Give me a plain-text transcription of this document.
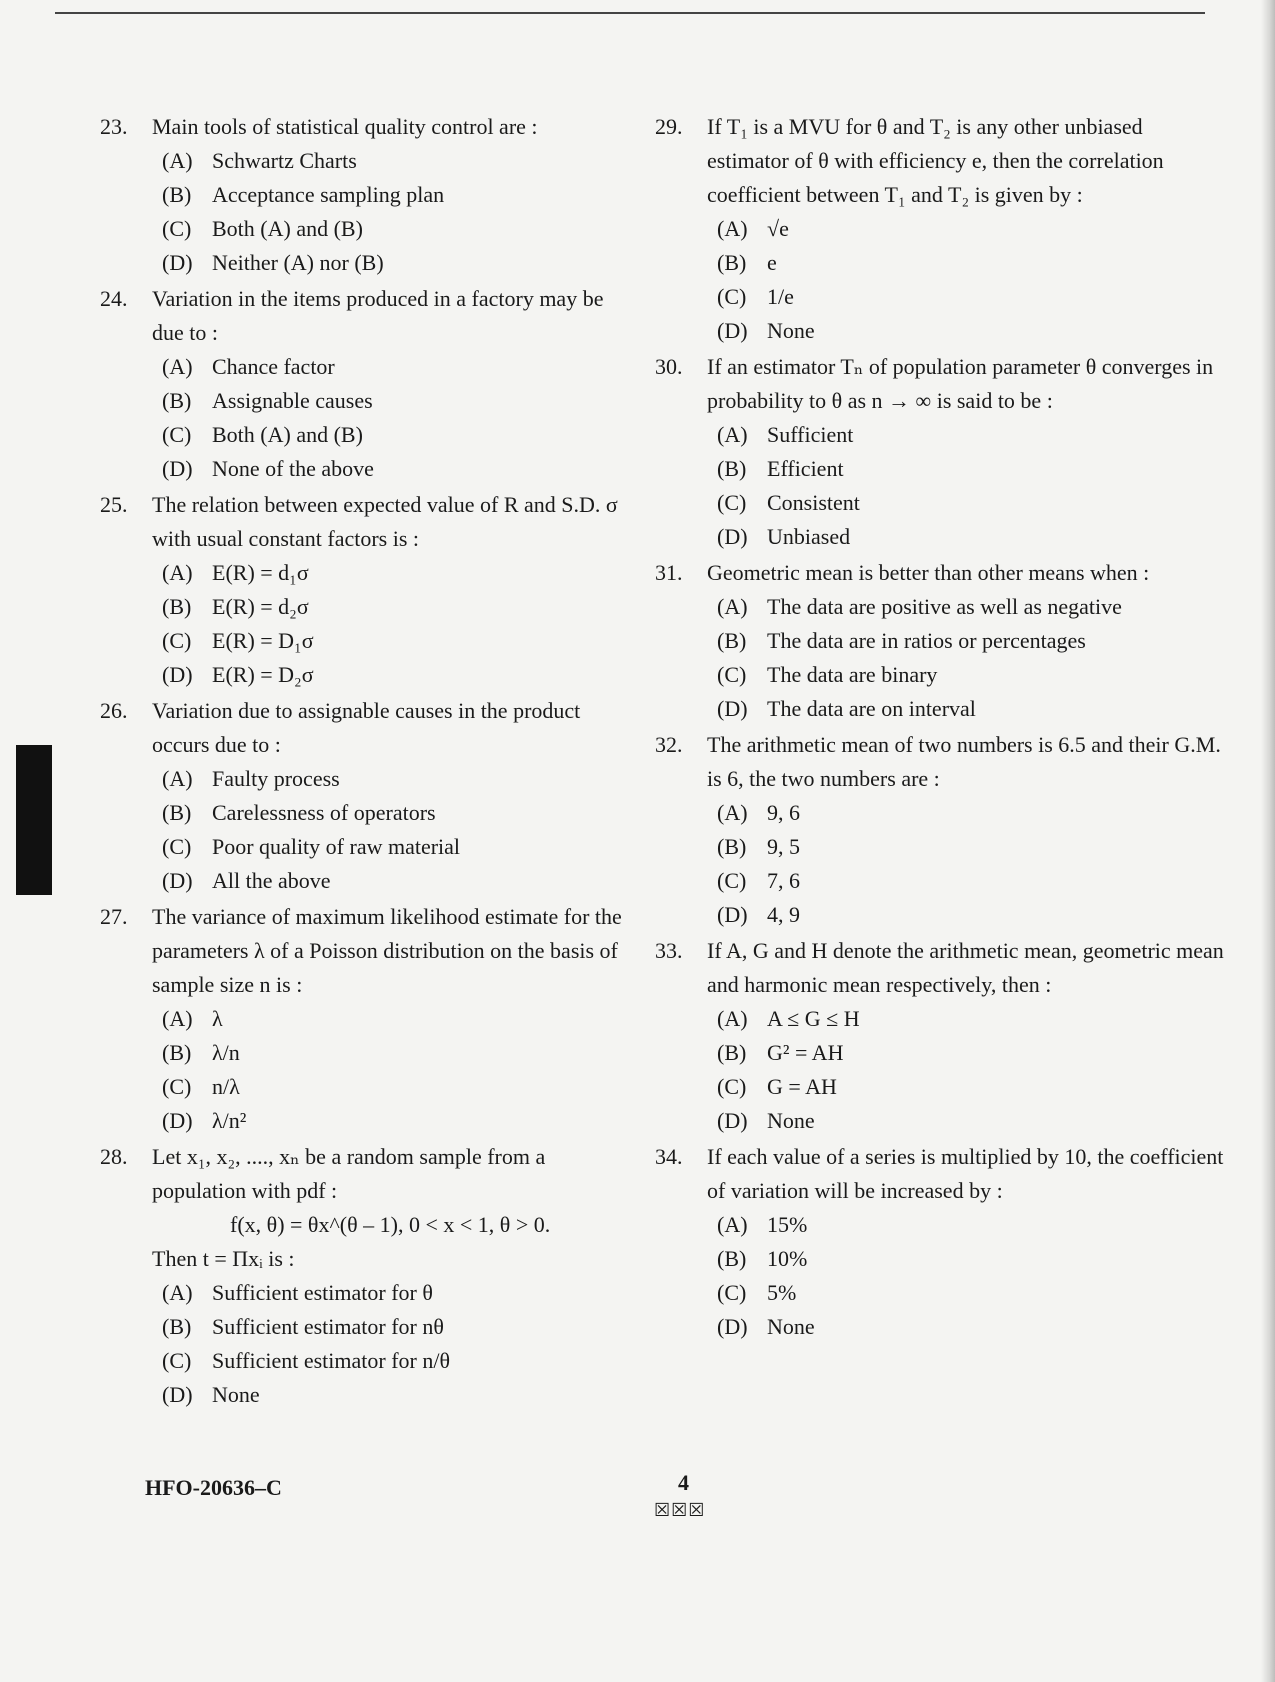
23.	Main tools of statistical quality control are :
(A) Schwartz Charts
(B) Acceptance sampling plan
(C) Both (A) and (B)
(D) Neither (A) nor (B)
24.	Variation in the items produced in a factory may be due to :
(A) Chance factor
(B) Assignable causes
(C) Both (A) and (B)
(D) None of the above
25.	The relation between expected value of R and S.D. σ with usual constant factors is :
(A) E(R) = d₁σ
(B) E(R) = d₂σ
(C) E(R) = D₁σ
(D) E(R) = D₂σ
26.	Variation due to assignable causes in the product occurs due to :
(A) Faulty process
(B) Carelessness of operators
(C) Poor quality of raw material
(D) All the above
27.	The variance of maximum likelihood estimate for the parameters λ of a Poisson distribution on the basis of sample size n is :
(A) λ
(B) λ/n
(C) n/λ
(D) λ/n²
28.	Let x₁, x₂, ...., xₙ be a random sample from a population with pdf :
f(x, θ) = θx^(θ – 1), 0 < x < 1, θ > 0.
Then t = Πxᵢ is :
(A) Sufficient estimator for θ
(B) Sufficient estimator for nθ
(C) Sufficient estimator for n/θ
(D) None
29.	If T₁ is a MVU for θ and T₂ is any other unbiased estimator of θ with efficiency e, then the correlation coefficient between T₁ and T₂ is given by :
(A) √e
(B) e
(C) 1/e
(D) None
30.	If an estimator Tₙ of population parameter θ converges in probability to θ as n → ∞ is said to be :
(A) Sufficient
(B) Efficient
(C) Consistent
(D) Unbiased
31.	Geometric mean is better than other means when :
(A) The data are positive as well as negative
(B) The data are in ratios or percentages
(C) The data are binary
(D) The data are on interval
32.	The arithmetic mean of two numbers is 6.5 and their G.M. is 6, the two numbers are :
(A) 9, 6
(B) 9, 5
(C) 7, 6
(D) 4, 9
33.	If A, G and H denote the arithmetic mean, geometric mean and harmonic mean respectively, then :
(A) A ≤ G ≤ H
(B) G² = AH
(C) G = AH
(D) None
34.	If each value of a series is multiplied by 10, the coefficient of variation will be increased by :
(A) 15%
(B) 10%
(C) 5%
(D) None
HFO-20636–C	4
☒☒☒
